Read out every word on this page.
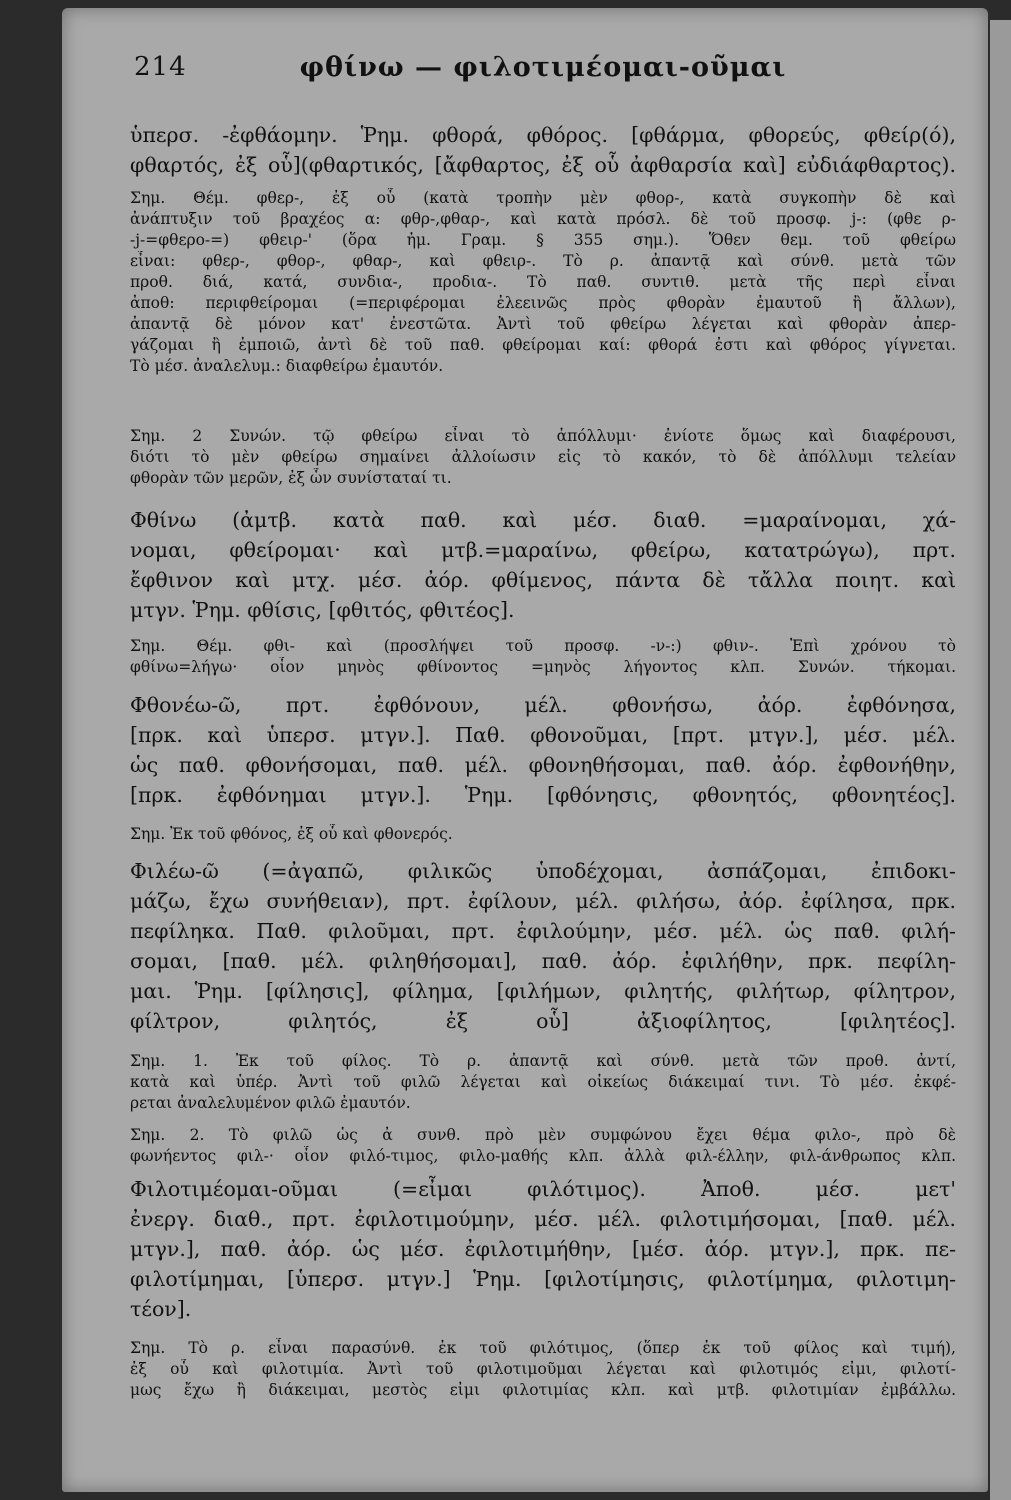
214	φθίνω — φιλοτιμέομαι-οῦμαι
ὑπερσ. -ἐφθάομην. Ῥημ. φθορά, φθόρος. [φθάρμα, φθορεύς, φθείρ(ό),
φθαρτός, ἐξ οὗ](φθαρτικός, [ἄφθαρτος, ἐξ οὗ ἀφθαρσία καὶ] εὐδιάφθαρτος).
Σημ. Θέμ. φθερ-, ἐξ οὗ (κατὰ τροπὴν μὲν φθορ-, κατὰ συγκοπὴν δὲ καὶ
ἀνάπτυξιν τοῦ βραχέος α: φθρ-,φθαρ-, καὶ κατὰ πρόσλ. δὲ τοῦ προσφ. j-: (φθε ρ-
-j-=φθερο-=) φθειρ-' (ὅρα ἠμ. Γραμ. § 355 σημ.). Ὅθεν θεμ. τοῦ φθείρω
εἶναι: φθερ-, φθορ-, φθαρ-, καὶ φθειρ-. Τὸ ρ. ἀπαντᾷ καὶ σύνθ. μετὰ τῶν
προθ. διά, κατά, συνδια-, προδια-. Τὸ παθ. συντιθ. μετὰ τῆς περὶ εἶναι
ἀποθ: περιφθείρομαι (=περιφέρομαι ἐλεεινῶς πρὸς φθορὰν ἐμαυτοῦ ἢ ἄλλων),
ἀπαντᾷ δὲ μόνον κατ' ἐνεστῶτα. Ἀντὶ τοῦ φθείρω λέγεται καὶ φθορὰν ἀπερ-
γάζομαι ἢ ἐμποιῶ, ἀντὶ δὲ τοῦ παθ. φθείρομαι καί: φθορά ἐστι καὶ φθόρος γίγνεται.
Τὸ μέσ. ἀναλελυμ.: διαφθείρω ἐμαυτόν.
Σημ. 2 Συνών. τῷ φθείρω εἶναι τὸ ἀπόλλυμι· ἐνίοτε ὅμως καὶ διαφέρουσι,
διότι τὸ μὲν φθείρω σημαίνει ἀλλοίωσιν εἰς τὸ κακόν, τὸ δὲ ἀπόλλυμι τελείαν
φθορὰν τῶν μερῶν, ἐξ ὧν συνίσταταί τι.
Φθίνω (ἀμτβ. κατὰ παθ. καὶ μέσ. διαθ. =μαραίνομαι, χά-
νομαι, φθείρομαι· καὶ μτβ.=μαραίνω, φθείρω, κατατρώγω), πρτ.
ἔφθινον καὶ μτχ. μέσ. ἀόρ. φθίμενος, πάντα δὲ τἄλλα ποιητ. καὶ
μτγν. Ῥημ. φθίσις, [φθιτός, φθιτέος].
Σημ. Θέμ. φθι- καὶ (προσλήψει τοῦ προσφ. -ν-:) φθιν-. Ἐπὶ χρόνου τὸ
φθίνω=λήγω· οἷον μηνὸς φθίνοντος =μηνὸς λήγοντος κλπ. Συνών. τήκομαι.
Φθονέω-ῶ, πρτ. ἐφθόνουν, μέλ. φθονήσω, ἀόρ. ἐφθόνησα,
[πρκ. καὶ ὑπερσ. μτγν.]. Παθ. φθονοῦμαι, [πρτ. μτγν.], μέσ. μέλ.
ὡς παθ. φθονήσομαι, παθ. μέλ. φθονηθήσομαι, παθ. ἀόρ. ἐφθονήθην,
[πρκ. ἐφθόνημαι μτγν.]. Ῥημ. [φθόνησις, φθονητός, φθονητέος].
Σημ. Ἐκ τοῦ φθόνος, ἐξ οὗ καὶ φθονερός.
Φιλέω-ῶ (=ἀγαπῶ, φιλικῶς ὑποδέχομαι, ἀσπάζομαι, ἐπιδοκι-
μάζω, ἔχω συνήθειαν), πρτ. ἐφίλουν, μέλ. φιλήσω, ἀόρ. ἐφίλησα, πρκ.
πεφίληκα. Παθ. φιλοῦμαι, πρτ. ἐφιλούμην, μέσ. μέλ. ὡς παθ. φιλή-
σομαι, [παθ. μέλ. φιληθήσομαι], παθ. ἀόρ. ἐφιλήθην, πρκ. πεφίλη-
μαι. Ῥημ. [φίλησις], φίλημα, [φιλήμων, φιλητής, φιλήτωρ, φίλητρον,
φίλτρον, φιλητός, ἐξ οὗ] ἀξιοφίλητος, [φιλητέος].
Σημ. 1. Ἐκ τοῦ φίλος. Τὸ ρ. ἀπαντᾷ καὶ σύνθ. μετὰ τῶν προθ. ἀντί,
κατὰ καὶ ὑπέρ. Ἀντὶ τοῦ φιλῶ λέγεται καὶ οἰκείως διάκειμαί τινι. Τὸ μέσ. ἐκφέ-
ρεται ἀναλελυμένον φιλῶ ἐμαυτόν.
Σημ. 2. Τὸ φιλῶ ὡς ἀ συνθ. πρὸ μὲν συμφώνου ἔχει θέμα φιλο-, πρὸ δὲ
φωνήεντος φιλ-· οἷον φιλό-τιμος, φιλο-μαθής κλπ. ἀλλὰ φιλ-έλλην, φιλ-άνθρωπος κλπ.
Φιλοτιμέομαι-οῦμαι (=εἶμαι φιλότιμος). Ἀποθ. μέσ. μετ'
ἐνεργ. διαθ., πρτ. ἐφιλοτιμούμην, μέσ. μέλ. φιλοτιμήσομαι, [παθ. μέλ.
μτγν.], παθ. ἀόρ. ὡς μέσ. ἐφιλοτιμήθην, [μέσ. ἀόρ. μτγν.], πρκ. πε-
φιλοτίμημαι, [ὑπερσ. μτγν.] Ῥημ. [φιλοτίμησις, φιλοτίμημα, φιλοτιμη-
τέον].
Σημ. Τὸ ρ. εἶναι παρασύνθ. ἐκ τοῦ φιλότιμος, (ὅπερ ἐκ τοῦ φίλος καὶ τιμή),
ἐξ οὗ καὶ φιλοτιμία. Ἀντὶ τοῦ φιλοτιμοῦμαι λέγεται καὶ φιλοτιμός εἰμι, φιλοτί-
μως ἔχω ἢ διάκειμαι, μεστὸς εἰμι φιλοτιμίας κλπ. καὶ μτβ. φιλοτιμίαν ἐμβάλλω.
